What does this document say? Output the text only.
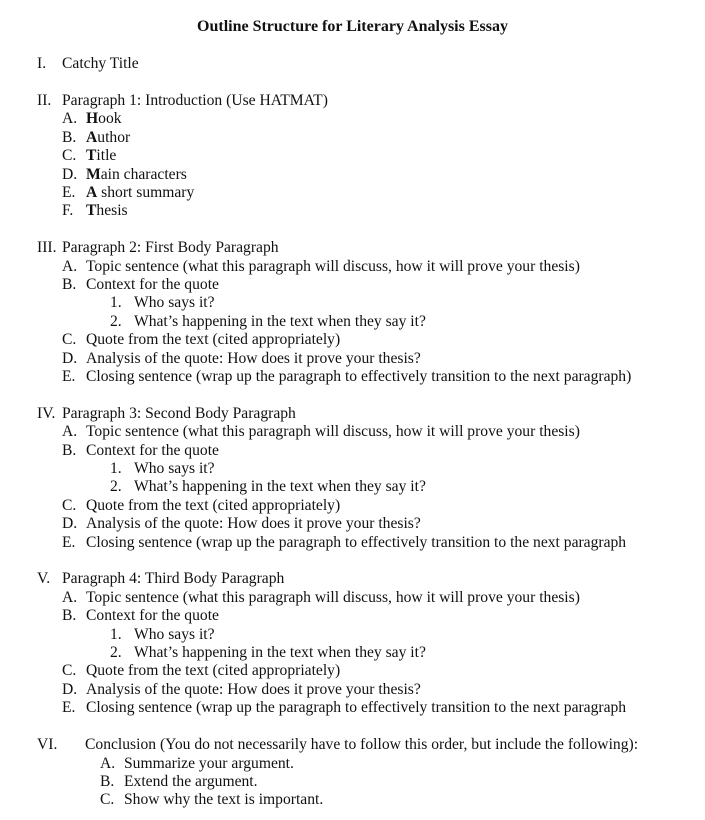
Outline Structure for Literary Analysis Essay
I. Catchy Title
II. Paragraph 1: Introduction (Use HATMAT)
A. Hook
B. Author
C. Title
D. Main characters
E. A short summary
F. Thesis
III. Paragraph 2: First Body Paragraph
A. Topic sentence (what this paragraph will discuss, how it will prove your thesis)
B. Context for the quote
1. Who says it?
2. What’s happening in the text when they say it?
C. Quote from the text (cited appropriately)
D. Analysis of the quote: How does it prove your thesis?
E. Closing sentence (wrap up the paragraph to effectively transition to the next paragraph)
IV. Paragraph 3: Second Body Paragraph
A. Topic sentence (what this paragraph will discuss, how it will prove your thesis)
B. Context for the quote
1. Who says it?
2. What’s happening in the text when they say it?
C. Quote from the text (cited appropriately)
D. Analysis of the quote: How does it prove your thesis?
E. Closing sentence (wrap up the paragraph to effectively transition to the next paragraph
V. Paragraph 4: Third Body Paragraph
A. Topic sentence (what this paragraph will discuss, how it will prove your thesis)
B. Context for the quote
1. Who says it?
2. What’s happening in the text when they say it?
C. Quote from the text (cited appropriately)
D. Analysis of the quote: How does it prove your thesis?
E. Closing sentence (wrap up the paragraph to effectively transition to the next paragraph
VI. Conclusion (You do not necessarily have to follow this order, but include the following):
A. Summarize your argument.
B. Extend the argument.
C. Show why the text is important.
